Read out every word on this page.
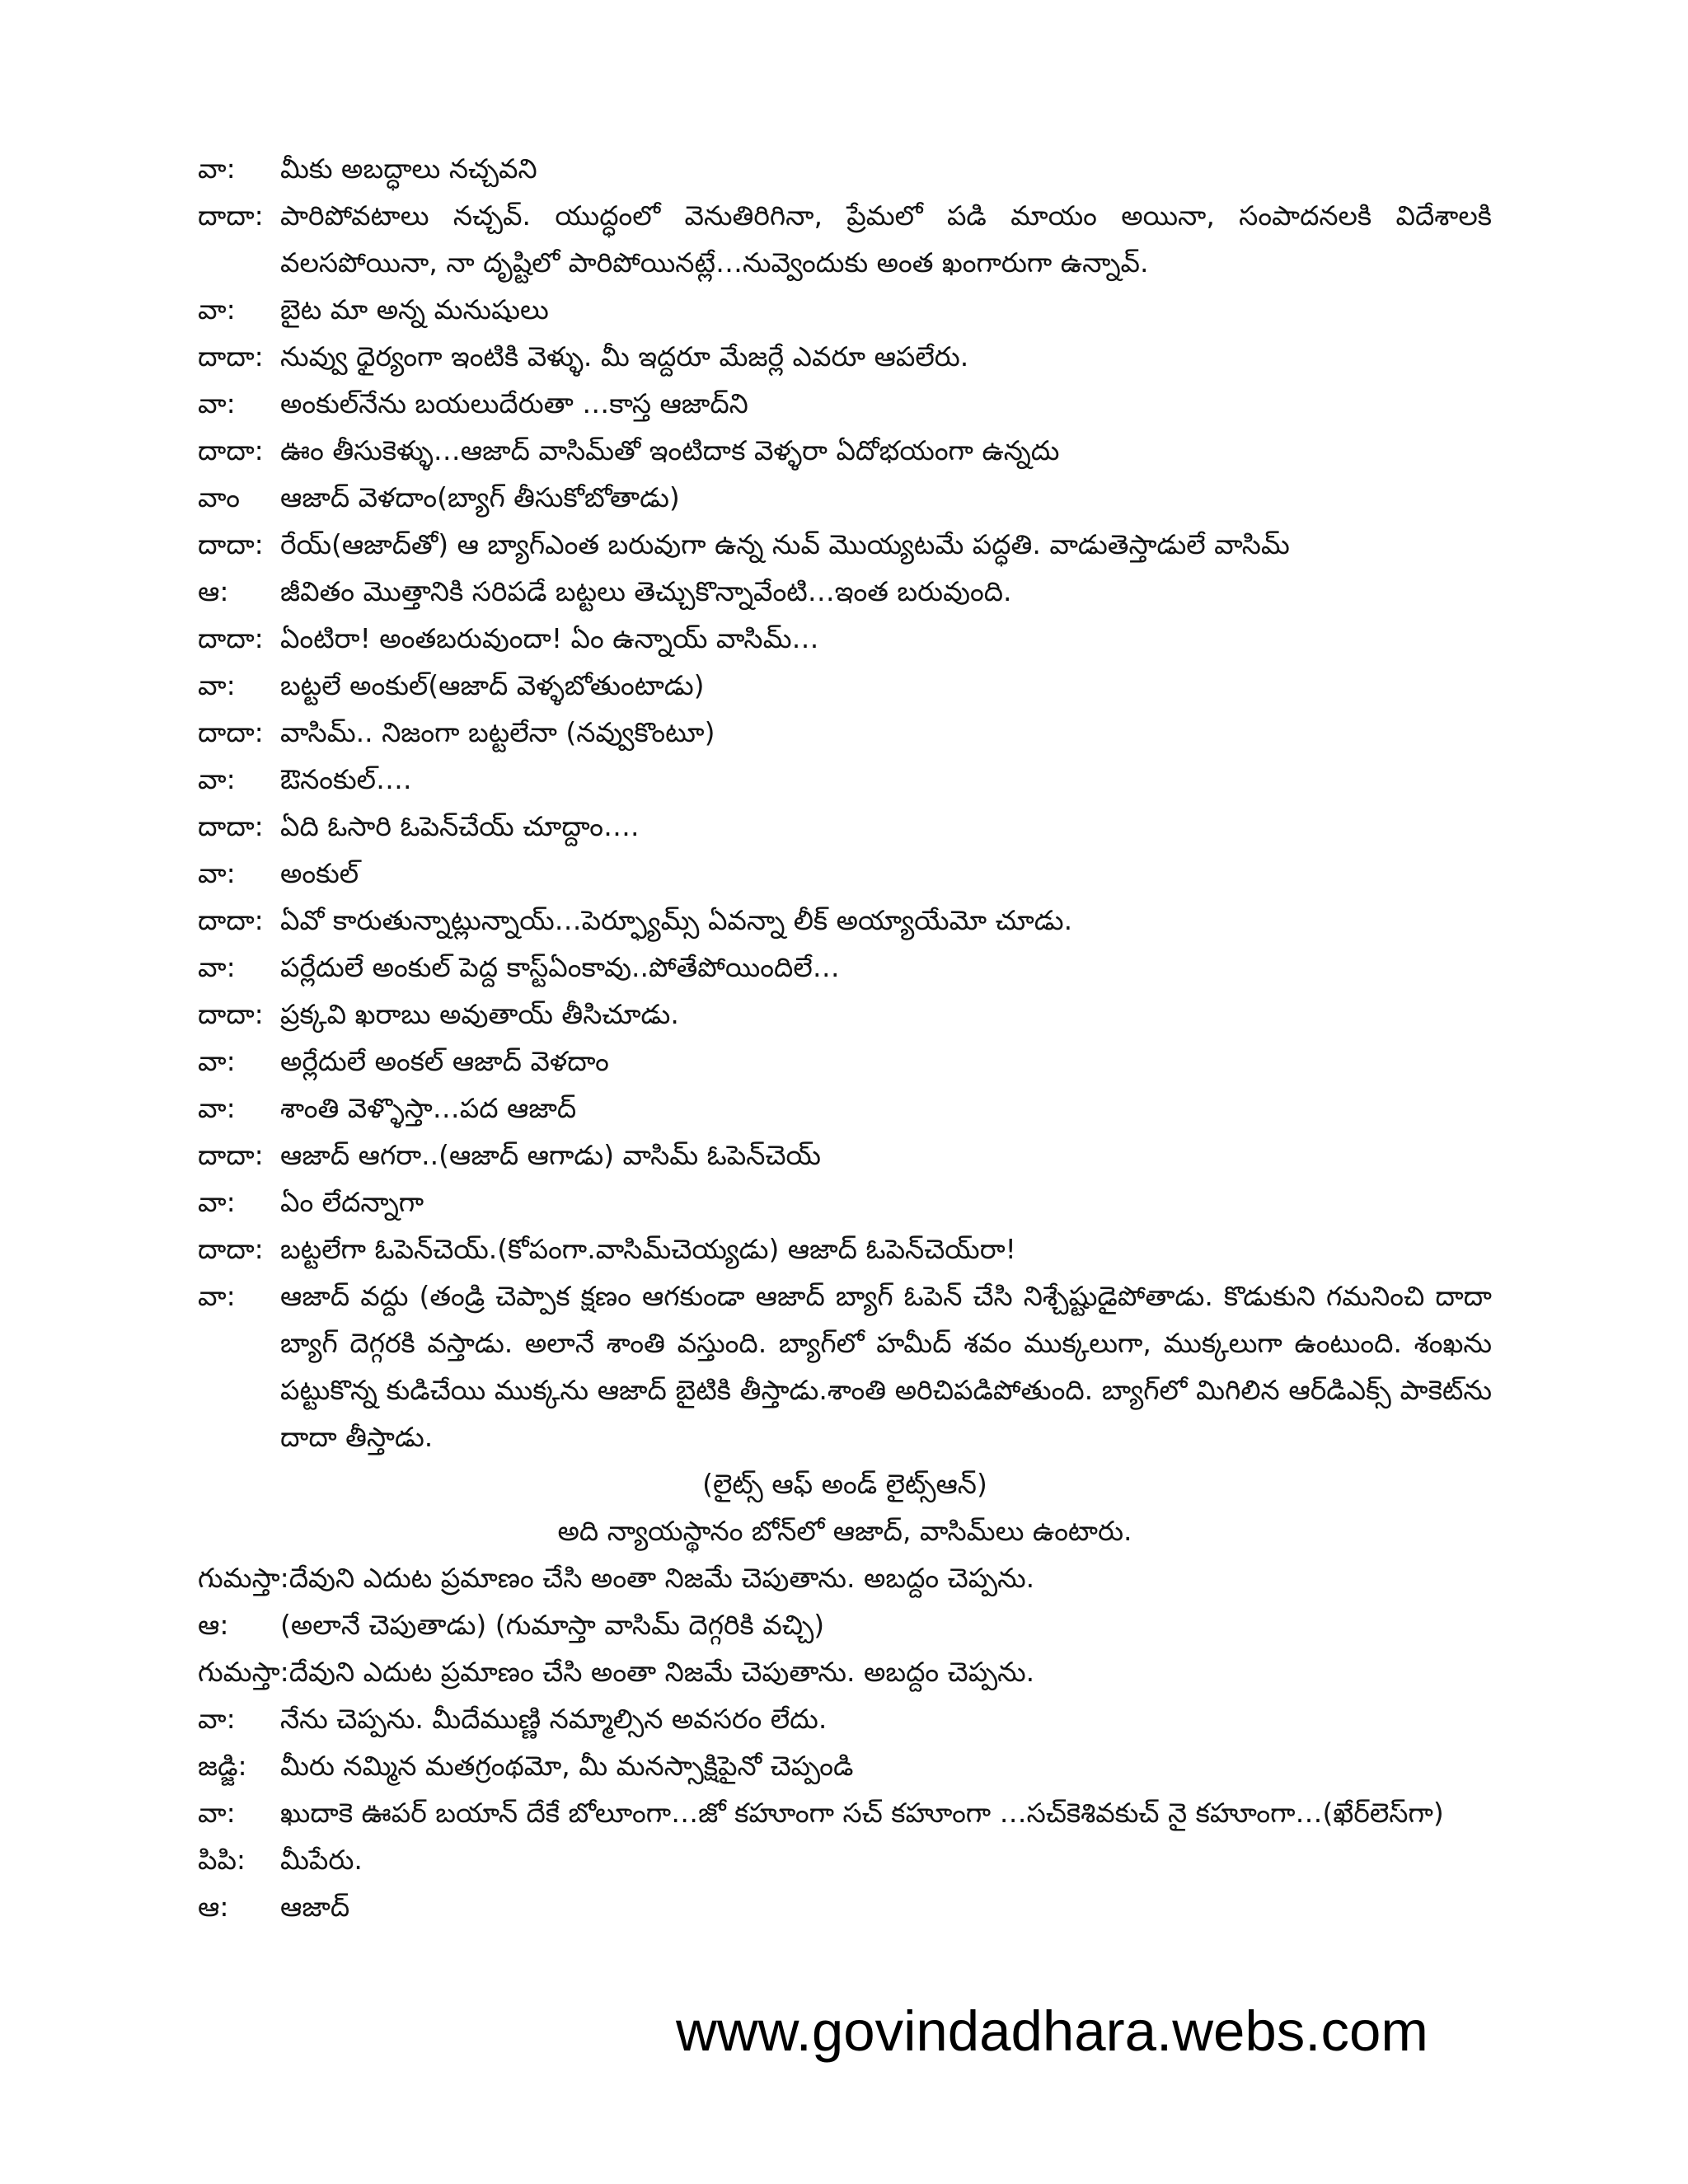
వా:	మీకు అబద్ధాలు నచ్చవని
దాదా: పారిపోవటాలు నచ్చవ్. యుద్ధంలో వెనుతిరిగినా, ప్రేమలో పడి మాయం అయినా, సంపాదనలకి విదేశాలకి వలసపోయినా, నా దృష్టిలో పారిపోయినట్లే…నువ్వెందుకు అంత ఖంగారుగా ఉన్నావ్.
వా:	బైట మా అన్న మనుషులు
దాదా: నువ్వు ధైర్యంగా ఇంటికి వెళ్ళు. మీ ఇద్దరూ మేజర్లే ఎవరూ ఆపలేరు.
వా:	అంకుల్‌నేను బయలుదేరుతా …కాస్త ఆజాద్‌ని
దాదా: ఊం తీసుకెళ్ళు…ఆజాద్ వాసిమ్‌తో ఇంటిదాక వెళ్ళరా ఏదోభయంగా ఉన్నదు
వాం	ఆజాద్ వెళదాం(బ్యాగ్ తీసుకోబోతాడు)
దాదా: రేయ్(ఆజాద్‌తో) ఆ బ్యాగ్ఎంత బరువుగా ఉన్న నువ్ మొయ్యటమే పద్ధతి. వాడుతెస్తాడులే వాసిమ్
ఆ:	జీవితం మొత్తానికి సరిపడే బట్టలు తెచ్చుకొన్నావేంటి…ఇంత బరువుంది.
దాదా: ఏంటిరా! అంతబరువుందా! ఏం ఉన్నాయ్ వాసిమ్…
వా:	బట్టలే అంకుల్(ఆజాద్ వెళ్ళబోతుంటాడు)
దాదా: వాసిమ్.. నిజంగా బట్టలేనా (నవ్వుకొంటూ)
వా:	ఔనంకుల్….
దాదా: ఏది ఓసారి ఓపెన్‌చేయ్ చూద్దాం….
వా:	అంకుల్
దాదా: ఏవో కారుతున్నాట్లున్నాయ్…పెర్ఫ్యూమ్స్ ఏవన్నా లీక్ అయ్యాయేమో చూడు.
వా:	పర్లేదులే అంకుల్ పెద్ద కాస్ట్ఏంకావు..పోతేపోయిందిలే…
దాదా: ప్రక్కవి ఖరాబు అవుతాయ్ తీసిచూడు.
వా:	అర్లేదులే అంకల్ ఆజాద్ వెళదాం
వా:	శాంతి వెళ్ళొస్తా…పద ఆజాద్
దాదా: ఆజాద్ ఆగరా..(ఆజాద్ ఆగాడు) వాసిమ్ ఓపెన్‌చెయ్
వా:	ఏం లేదన్నాగా
దాదా: బట్టలేగా ఓపెన్‌చెయ్.(కోపంగా.వాసిమ్‌చెయ్యడు) ఆజాద్ ఓపెన్‌చెయ్‌రా!
వా:	ఆజాద్ వద్దు (తండ్రి చెప్పాక క్షణం ఆగకుండా ఆజాద్ బ్యాగ్ ఓపెన్ చేసి నిశ్చేష్టుడైపోతాడు. కొడుకుని గమనించి దాదా బ్యాగ్ దెగ్గరకి వస్తాడు. అలానే శాంతి వస్తుంది. బ్యాగ్‌లో హమీద్ శవం ముక్కలుగా, ముక్కలుగా ఉంటుంది. శంఖను పట్టుకొన్న కుడిచేయి ముక్కను ఆజాద్ బైటికి తీస్తాడు.శాంతి అరిచిపడిపోతుంది. బ్యాగ్‌లో మిగిలిన ఆర్‌డిఎక్స్ పాకెట్‌ను దాదా తీస్తాడు.
(లైట్స్ ఆఫ్ అండ్ లైట్స్ఆన్)
అది న్యాయస్థానం బోన్‌లో ఆజాద్, వాసిమ్‌లు ఉంటారు.
గుమస్తా: దేవుని ఎదుట ప్రమాణం చేసి అంతా నిజమే చెపుతాను. అబద్దం చెప్పను.
ఆ:	(అలానే చెపుతాడు) (గుమాస్తా వాసిమ్ దెగ్గరికి వచ్చి)
గుమస్తా: దేవుని ఎదుట ప్రమాణం చేసి అంతా నిజమే చెపుతాను. అబద్దం చెప్పను.
వా:	నేను చెప్పను. మీదేముణ్ణి నమ్మాల్సిన అవసరం లేదు.
జడ్జి:	మీరు నమ్మిన మతగ్రంథమో, మీ మనస్సాక్షిపైనో చెప్పండి
వా:	ఖుదాకె ఊపర్ బయాన్ దేకే బోలూంగా…జో కహూంగా సచ్ కహూంగా …సచ్‌కెశివకుచ్ నై కహూంగా…(ఖేర్‌లెస్‌గా)
పిపి:	మీపేరు.
ఆ:	ఆజాద్
www.govindadhara.webs.com
